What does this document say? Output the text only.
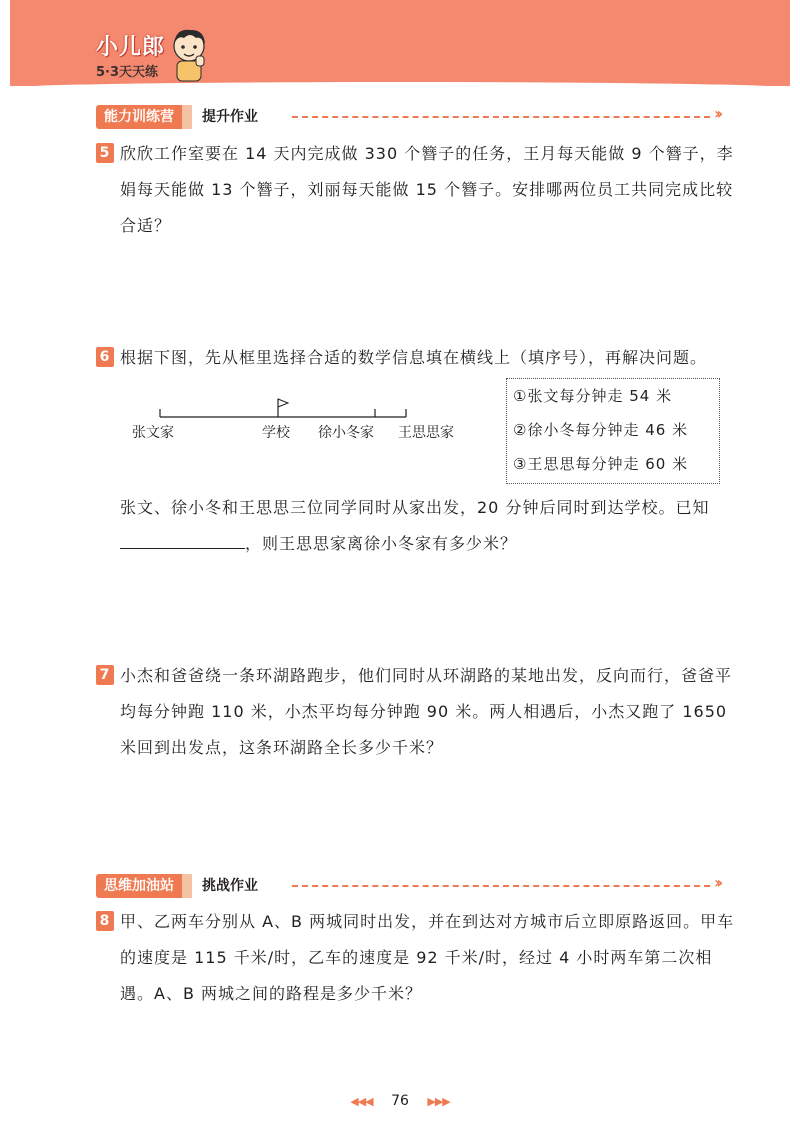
小儿郎
5·3天天练
能力训练营	提升作业	››
5 欣欣工作室要在 14 天内完成做 330 个簪子的任务，王月每天能做 9 个簪子，李娟每天能做 13 个簪子，刘丽每天能做 15 个簪子。安排哪两位员工共同完成比较合适？
6 根据下图，先从框里选择合适的数学信息填在横线上（填序号），再解决问题。
张文家	学校 徐小冬家 王思思家
①张文每分钟走 54 米
②徐小冬每分钟走 46 米
③王思思每分钟走 60 米
张文、徐小冬和王思思三位同学同时从家出发，20 分钟后同时到达学校。已知，则王思思家离徐小冬家有多少米？
7 小杰和爸爸绕一条环湖路跑步，他们同时从环湖路的某地出发，反向而行，爸爸平均每分钟跑 110 米，小杰平均每分钟跑 90 米。两人相遇后，小杰又跑了 1650 米回到出发点，这条环湖路全长多少千米？
思维加油站	挑战作业	››
8 甲、乙两车分别从 A、B 两城同时出发，并在到达对方城市后立即原路返回。甲车的速度是 115 千米/时，乙车的速度是 92 千米/时，经过 4 小时两车第二次相遇。A、B 两城之间的路程是多少千米？
◀◀◀ 76 ▶▶▶
